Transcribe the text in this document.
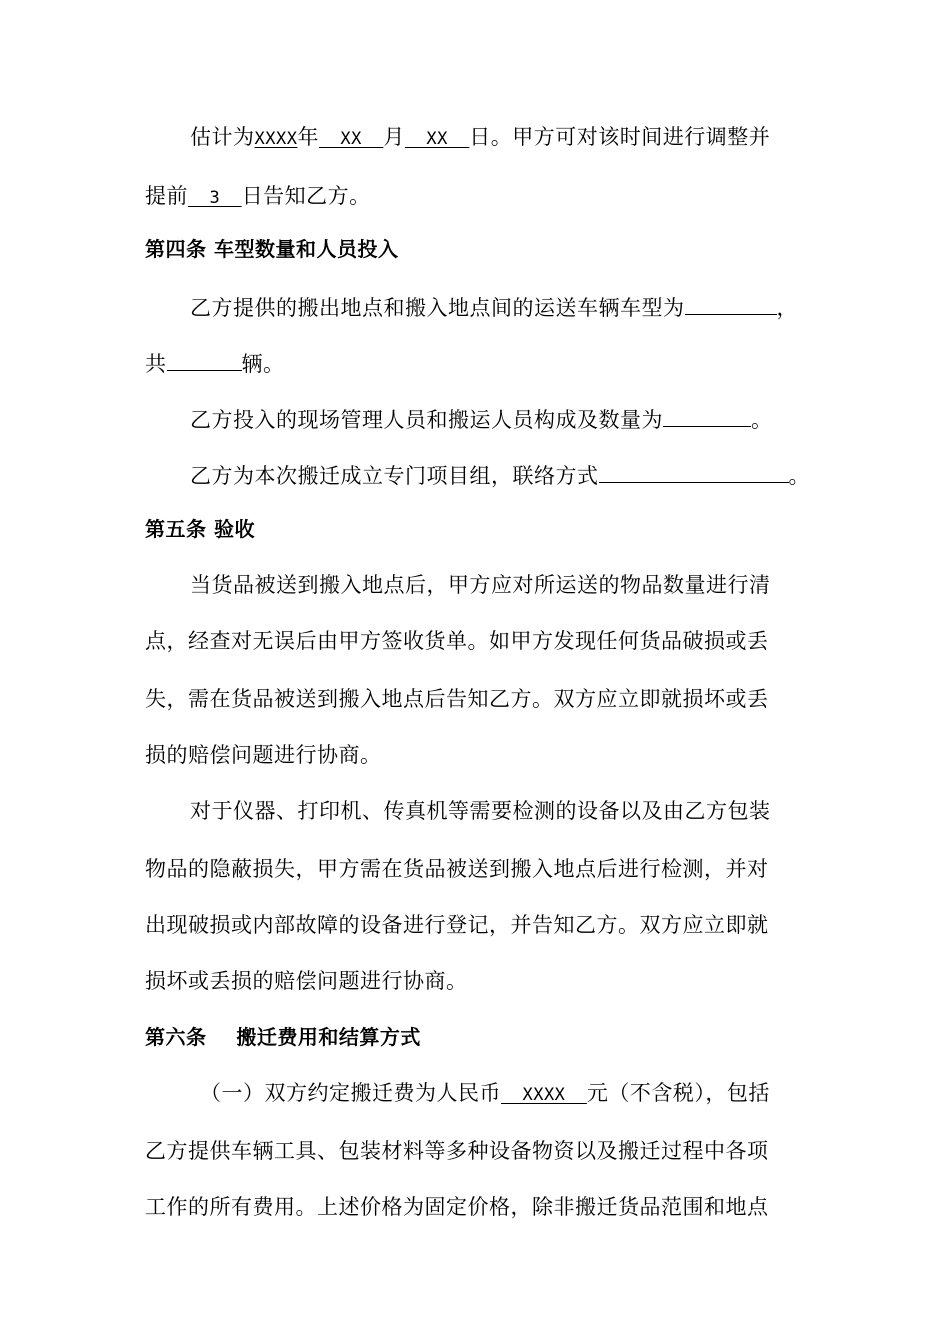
估计为XXXX年  XX  月  XX  日。甲方可对该时间进行调整并
提前  3  日告知乙方。
第四条 车型数量和人员投入
乙方提供的搬出地点和搬入地点间的运送车辆车型为	，
共	辆。
乙方投入的现场管理人员和搬运人员构成及数量为	。
乙方为本次搬迁成立专门项目组，联络方式	。
第五条 验收
当货品被送到搬入地点后，甲方应对所运送的物品数量进行清
点，经查对无误后由甲方签收货单。如甲方发现任何货品破损或丢
失，需在货品被送到搬入地点后告知乙方。双方应立即就损坏或丢
损的赔偿问题进行协商。
对于仪器、打印机、传真机等需要检测的设备以及由乙方包装
物品的隐蔽损失，甲方需在货品被送到搬入地点后进行检测，并对
出现破损或内部故障的设备进行登记，并告知乙方。双方应立即就
损坏或丢损的赔偿问题进行协商。
第六条    搬迁费用和结算方式
（一）双方约定搬迁费为人民币  XXXX  元（不含税），包括
乙方提供车辆工具、包装材料等多种设备物资以及搬迁过程中各项
工作的所有费用。上述价格为固定价格，除非搬迁货品范围和地点
